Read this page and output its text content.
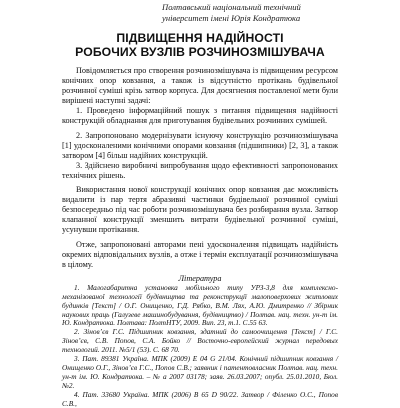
Полтавський національний технічний
університет імені Юрія Кондратюка
ПІДВИЩЕННЯ НАДІЙНОСТІ
РОБОЧИХ ВУЗЛІВ РОЗЧИНОЗМІШУВАЧА

Повідомляється про створення розчинозмішувача із підвищеним ресурсом конічних опор ковзання, а також із відсутністю протікань будівельної розчинної суміші крізь затвор корпуса. Для досягнення поставленої мети були вирішені наступні задачі:

1. Проведено інформаційний пошук з питання підвищення надійності конструкцій обладнання для приготування будівельних розчинних сумішей.

2. Запропоновано модернізувати існуючу конструкцію розчинозмішувача [1] удосконаленими конічними опорами ковзання (підшипники) [2, 3], а також затвором [4] більш надійних конструкцій.

3. Здійснено виробничі випробування щодо ефективності запропонованих технічних рішень.

Використання нової конструкції конічних опор ковзання дає можливість видалити із пар тертя абразивні частинки будівельної розчинної суміші безпосередньо під час роботи розчинозмішувача без розбирання вузла. Затвор клапанної конструкції зменшить витрати будівельної розчинної суміші, усунувши протікання.

Отже, запропоновані авторами пені удосконалення підвищать надійність окремих відповідальних вузлів, а отже і термін експлуатації розчинозмішувача в цілому.

Література

1. Малогабаритна установка мобільного типу УРЗ-3,8 для комплексно-механізованої технології будівництва та реконструкції малоповерхових житлових будинків [Текст] / О.Г. Онищенко, Г.Д. Рябко, В.М. Лях, А.Ю. Дмитренко // Збірник наукових праць (Галузеве машинобудування, будівництво) / Полтав. нац. техн. ун-т ім. Ю. Кондратюка. Полтава: ПолтНТУ, 2009. Вип. 23, т.1. С.55 63.

2. Зінов’єв Г.С. Підшипник ковзання, здатний до самоочищення [Текст] / Г.С. Зінов’єв, С.В. Попов, С.А. Бойко // Восточно-европейский журнал передовых технологий. 2011. №5/1 (53). С. 68 70.

3. Пат. 89381 Україна. МПК (2009) E 04 G 21/04. Конічний підшипник ковзання / Онищенко О.Г., Зінов’єв Г.С., Попов С.В.; заявник і патентовласник Полтав. нац. техн. ун-т ім. Ю. Кондратюка. – № а 2007 03178; заяв. 26.03.2007; опубл. 25.01.2010, Бюл. №2.

4. Пат. 33680 Україна. МПК (2006) В 65 D 90/22. Затвор / Філенко О.С., Попов С.В.,
